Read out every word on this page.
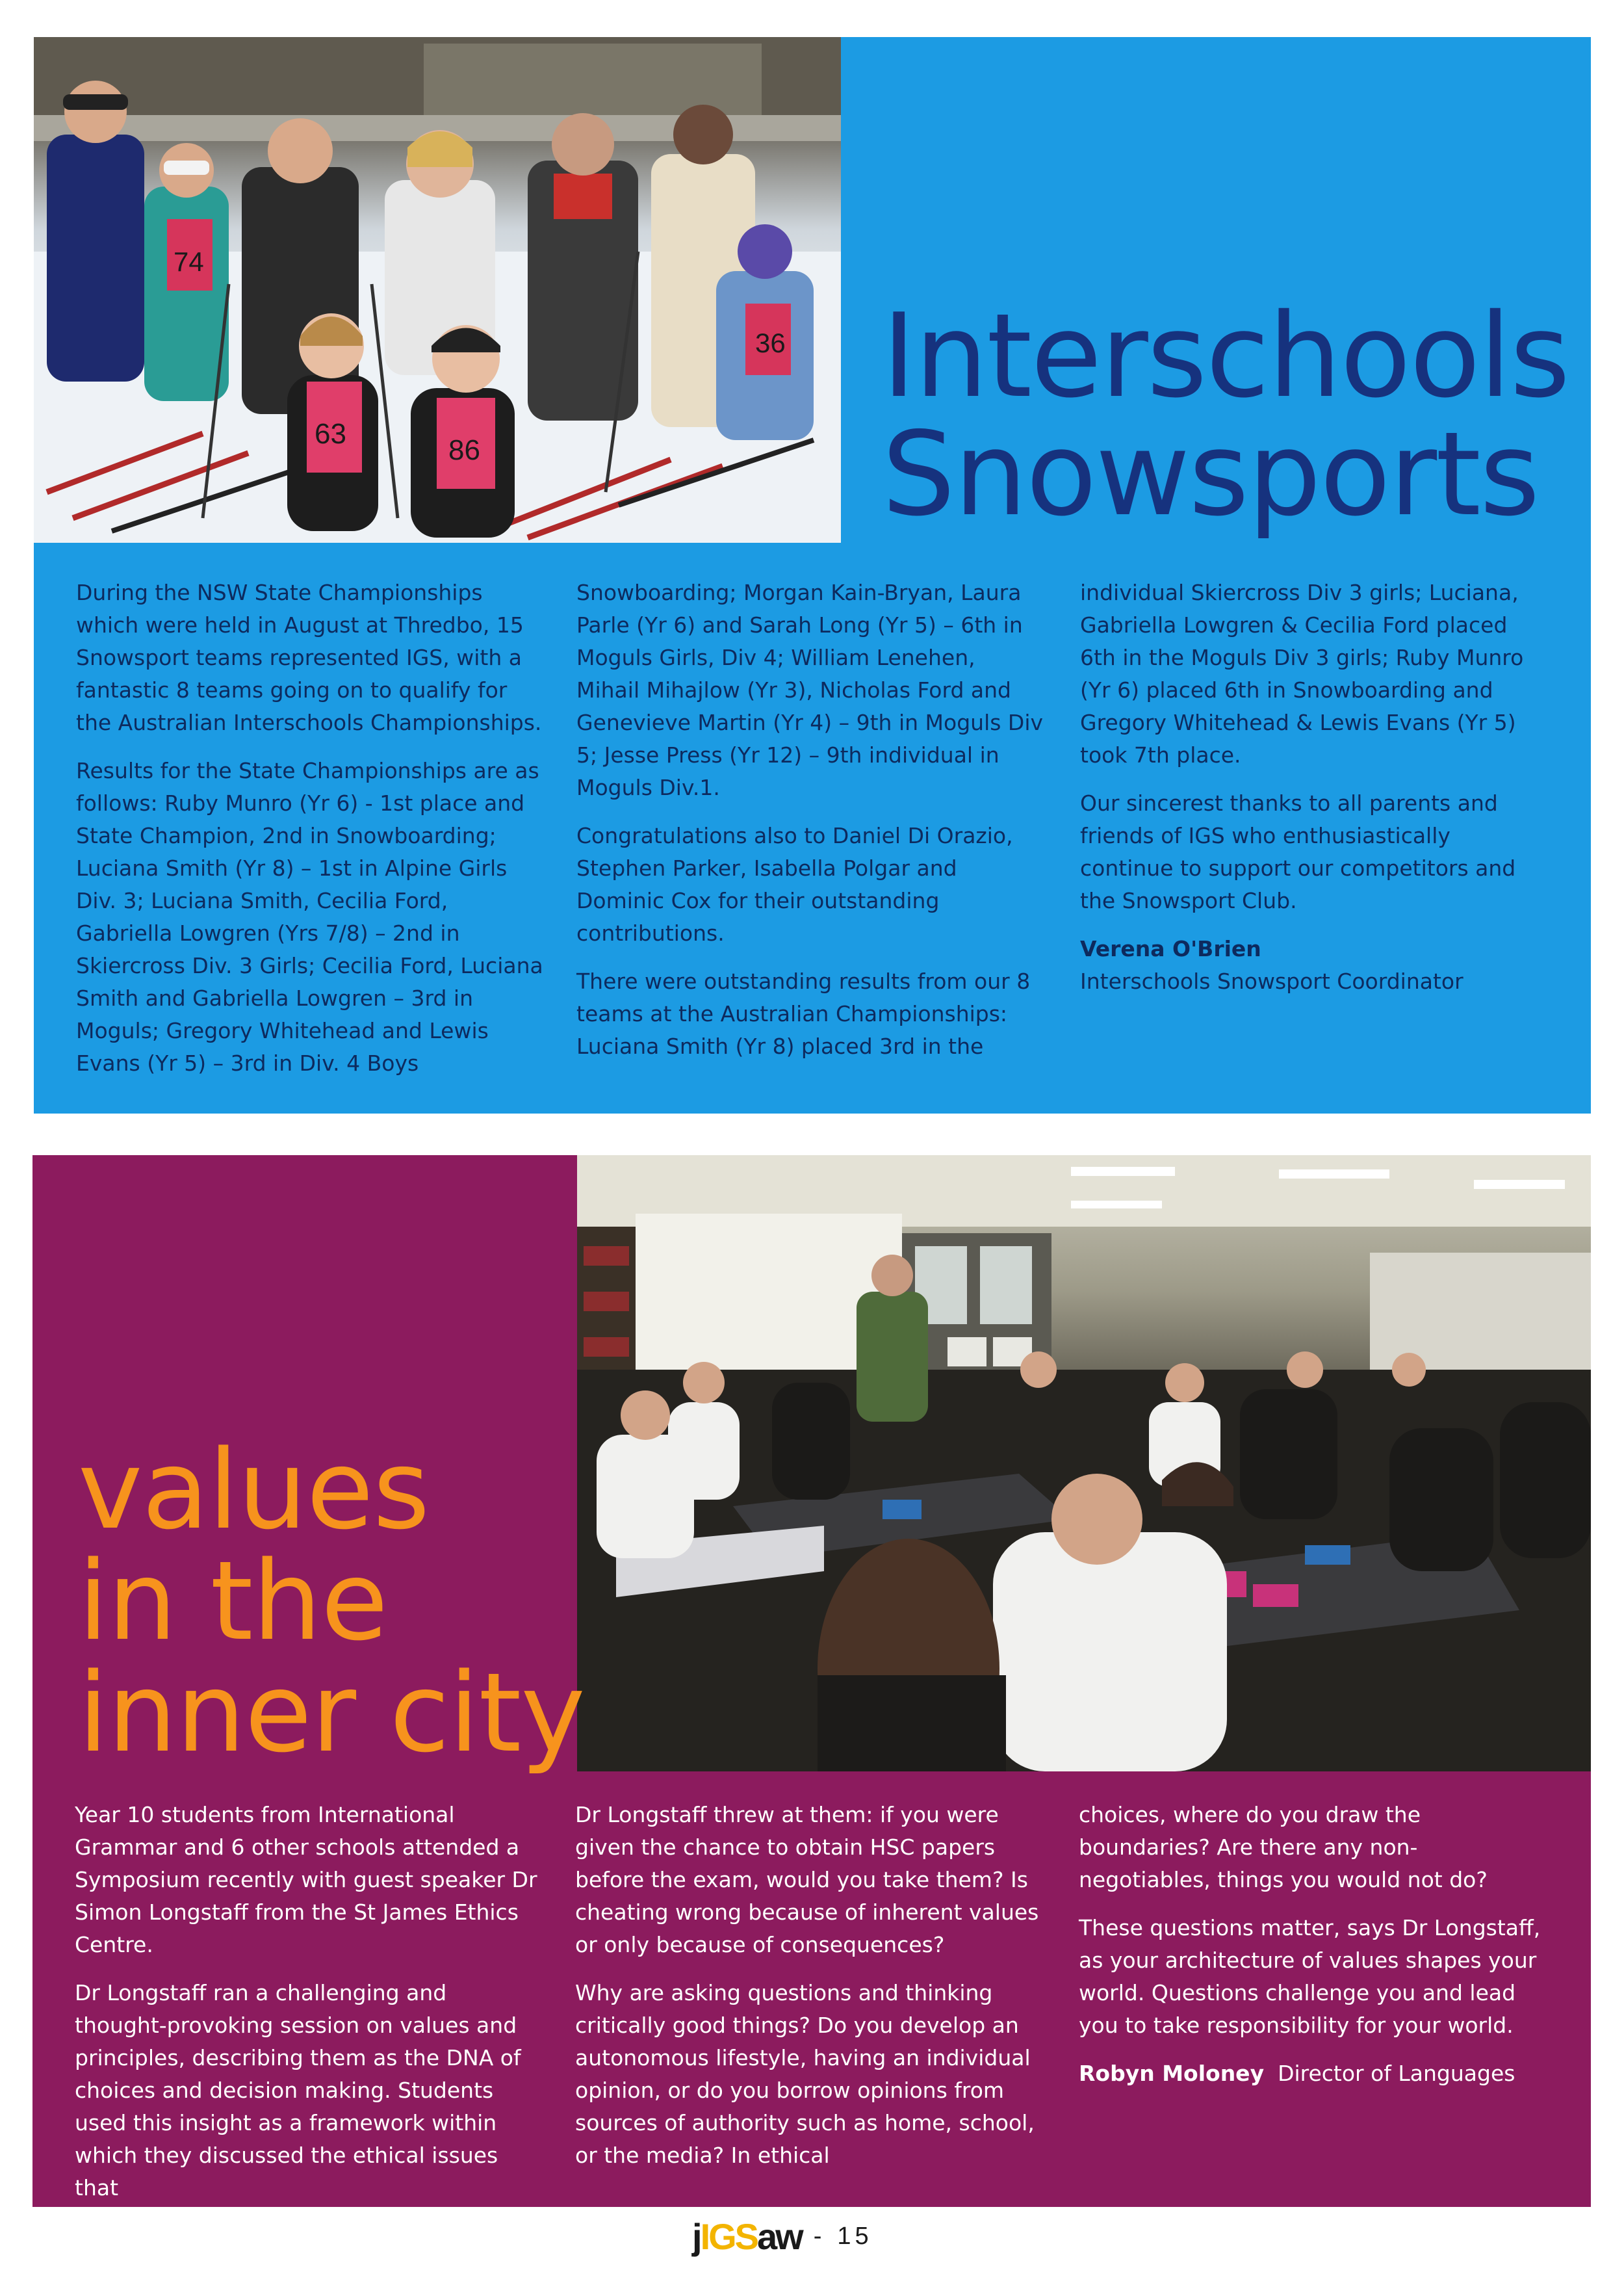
74
63
86
36 Interschools
Snowsports

During the NSW State Championships which were held in August at Thredbo, 15 Snowsport teams represented IGS, with a fantastic 8 teams going on to qualify for the Australian Interschools Championships.

Results for the State Championships are as follows: Ruby Munro (Yr 6) - 1st place and State Champion, 2nd in Snowboarding; Luciana Smith (Yr 8) – 1st in Alpine Girls Div. 3; Luciana Smith, Cecilia Ford, Gabriella Lowgren (Yrs 7/8) – 2nd in Skiercross Div. 3 Girls; Cecilia Ford, Luciana Smith and Gabriella Lowgren – 3rd in Moguls; Gregory Whitehead and Lewis Evans (Yr 5) – 3rd in Div. 4 Boys

Snowboarding; Morgan Kain-Bryan, Laura Parle (Yr 6) and Sarah Long (Yr 5) – 6th in Moguls Girls, Div 4; William Lenehen, Mihail Mihajlow (Yr 3), Nicholas Ford and Genevieve Martin (Yr 4) – 9th in Moguls Div 5; Jesse Press (Yr 12) – 9th individual in Moguls Div.1.

Congratulations also to Daniel Di Orazio, Stephen Parker, Isabella Polgar and Dominic Cox for their outstanding contributions.

There were outstanding results from our 8 teams at the Australian Championships: Luciana Smith (Yr 8) placed 3rd in the

individual Skiercross Div 3 girls; Luciana, Gabriella Lowgren & Cecilia Ford placed 6th in the Moguls Div 3 girls; Ruby Munro (Yr 6) placed 6th in Snowboarding and Gregory Whitehead & Lewis Evans (Yr 5) took 7th place.

Our sincerest thanks to all parents and friends of IGS who enthusiastically continue to support our competitors and the Snowsport Club.

Verena O'Brien
Interschools Snowsport Coordinator

values
in the
inner city

Year 10 students from International Grammar and 6 other schools attended a Symposium recently with guest speaker Dr Simon Longstaff from the St James Ethics Centre.

Dr Longstaff ran a challenging and thought-provoking session on values and principles, describing them as the DNA of choices and decision making. Students used this insight as a framework within which they discussed the ethical issues that

Dr Longstaff threw at them: if you were given the chance to obtain HSC papers before the exam, would you take them? Is cheating wrong because of inherent values or only because of consequences?

Why are asking questions and thinking critically good things? Do you develop an autonomous lifestyle, having an individual opinion, or do you borrow opinions from sources of authority such as home, school, or the media? In ethical

choices, where do you draw the boundaries? Are there any non-negotiables, things you would not do?

These questions matter, says Dr Longstaff, as your architecture of values shapes your world. Questions challenge you and lead you to take responsibility for your world.

Robyn Moloney Director of Languages

jIGSaw - 15
